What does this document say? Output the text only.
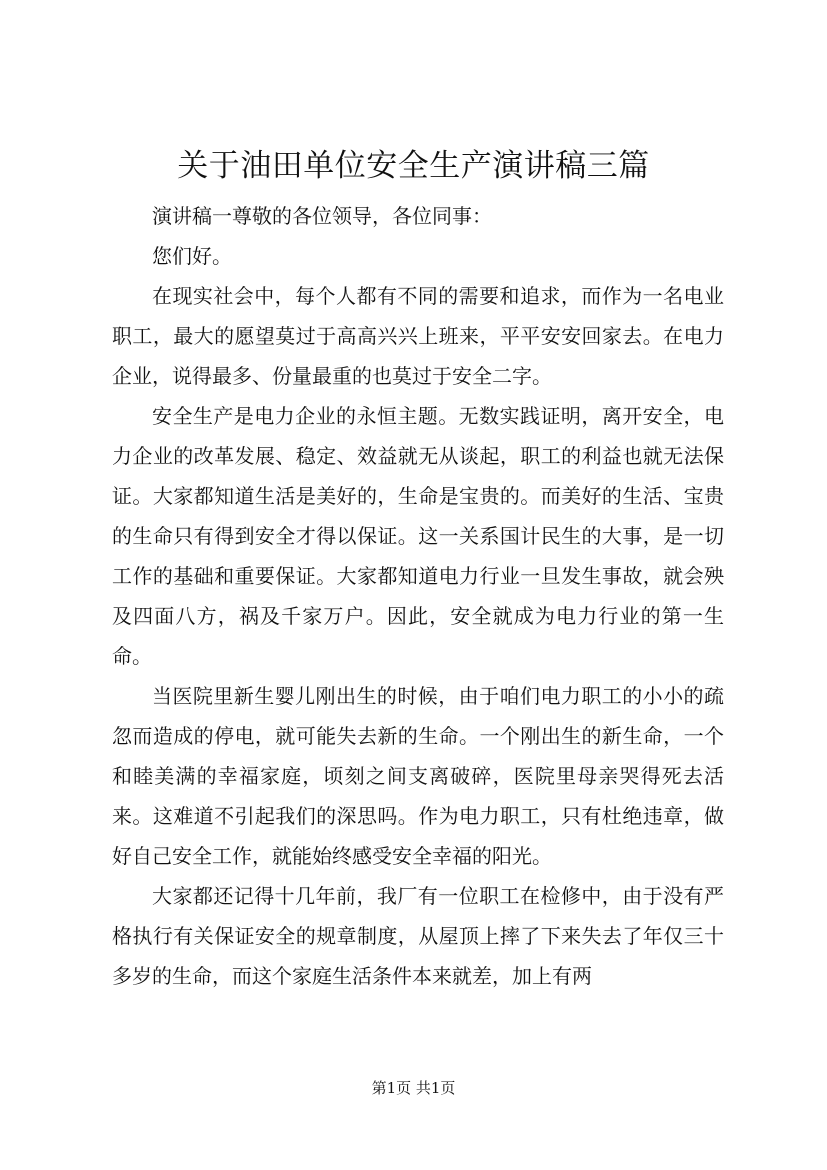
关于油田单位安全生产演讲稿三篇

演讲稿一尊敬的各位领导，各位同事：

您们好。

在现实社会中，每个人都有不同的需要和追求，而作为一名电业职工，最大的愿望莫过于高高兴兴上班来，平平安安回家去。在电力企业，说得最多、份量最重的也莫过于安全二字。

安全生产是电力企业的永恒主题。无数实践证明，离开安全，电力企业的改革发展、稳定、效益就无从谈起，职工的利益也就无法保证。大家都知道生活是美好的，生命是宝贵的。而美好的生活、宝贵的生命只有得到安全才得以保证。这一关系国计民生的大事，是一切工作的基础和重要保证。大家都知道电力行业一旦发生事故，就会殃及四面八方，祸及千家万户。因此，安全就成为电力行业的第一生命。

当医院里新生婴儿刚出生的时候，由于咱们电力职工的小小的疏忽而造成的停电，就可能失去新的生命。一个刚出生的新生命，一个和睦美满的幸福家庭，顷刻之间支离破碎，医院里母亲哭得死去活来。这难道不引起我们的深思吗。作为电力职工，只有杜绝违章，做好自己安全工作，就能始终感受安全幸福的阳光。

大家都还记得十几年前，我厂有一位职工在检修中，由于没有严格执行有关保证安全的规章制度，从屋顶上摔了下来失去了年仅三十多岁的生命，而这个家庭生活条件本来就差，加上有两

第1页 共1页
